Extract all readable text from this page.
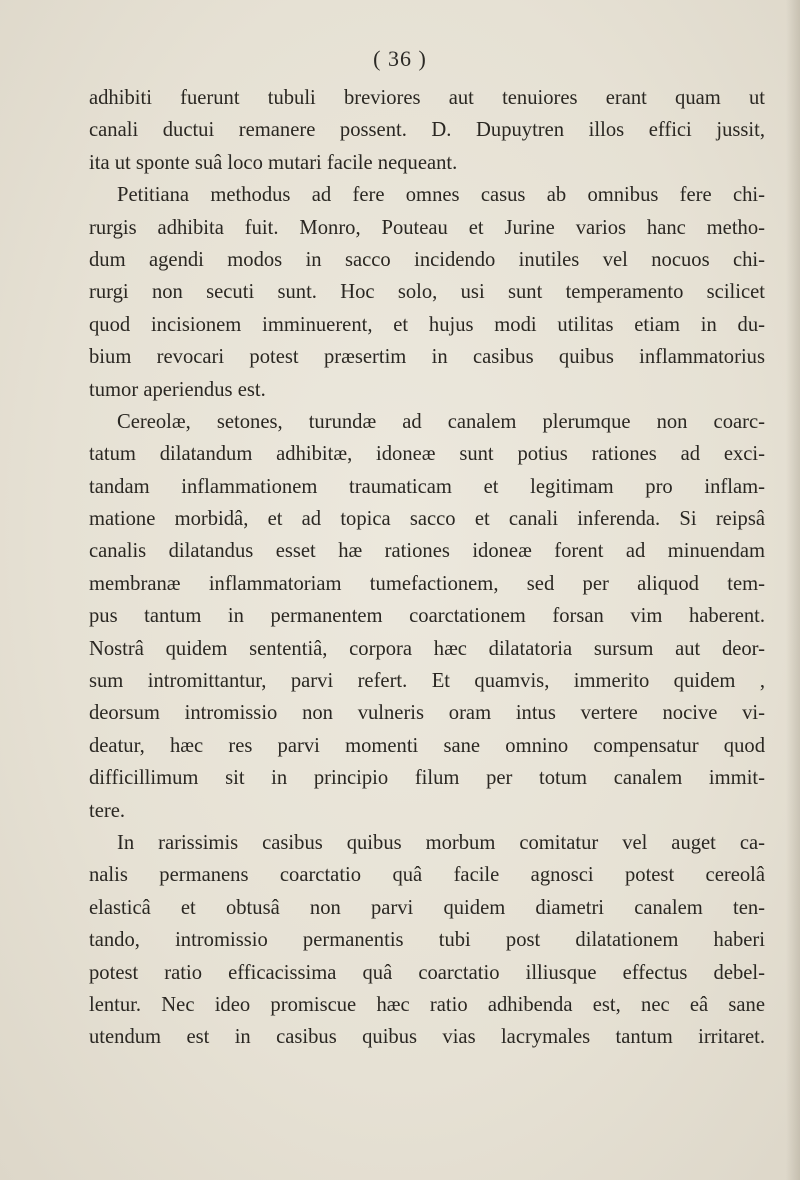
( 36 )
adhibiti fuerunt tubuli breviores aut tenuiores erant quam ut
canali ductui remanere possent. D. Dupuytren illos effici jussit,
ita ut sponte suâ loco mutari facile nequeant.
Petitiana methodus ad fere omnes casus ab omnibus fere chi-
rurgis adhibita fuit. Monro, Pouteau et Jurine varios hanc metho-
dum agendi modos in sacco incidendo inutiles vel nocuos chi-
rurgi non secuti sunt. Hoc solo, usi sunt temperamento scilicet
quod incisionem imminuerent, et hujus modi utilitas etiam in du-
bium revocari potest præsertim in casibus quibus inflammatorius
tumor aperiendus est.
Cereolæ, setones, turundæ ad canalem plerumque non coarc-
tatum dilatandum adhibitæ, idoneæ sunt potius rationes ad exci-
tandam inflammationem traumaticam et legitimam pro inflam-
matione morbidâ, et ad topica sacco et canali inferenda. Si reipsâ
canalis dilatandus esset hæ rationes idoneæ forent ad minuendam
membranæ inflammatoriam tumefactionem, sed per aliquod tem-
pus tantum in permanentem coarctationem forsan vim haberent.
Nostrâ quidem sententiâ, corpora hæc dilatatoria sursum aut deor-
sum intromittantur, parvi refert. Et quamvis, immerito quidem ,
deorsum intromissio non vulneris oram intus vertere nocive vi-
deatur, hæc res parvi momenti sane omnino compensatur quod
difficillimum sit in principio filum per totum canalem immit-
tere.
In rarissimis casibus quibus morbum comitatur vel auget ca-
nalis permanens coarctatio quâ facile agnosci potest cereolâ
elasticâ et obtusâ non parvi quidem diametri canalem ten-
tando, intromissio permanentis tubi post dilatationem haberi
potest ratio efficacissima quâ coarctatio illiusque effectus debel-
lentur. Nec ideo promiscue hæc ratio adhibenda est, nec eâ sane
utendum est in casibus quibus vias lacrymales tantum irritaret.
